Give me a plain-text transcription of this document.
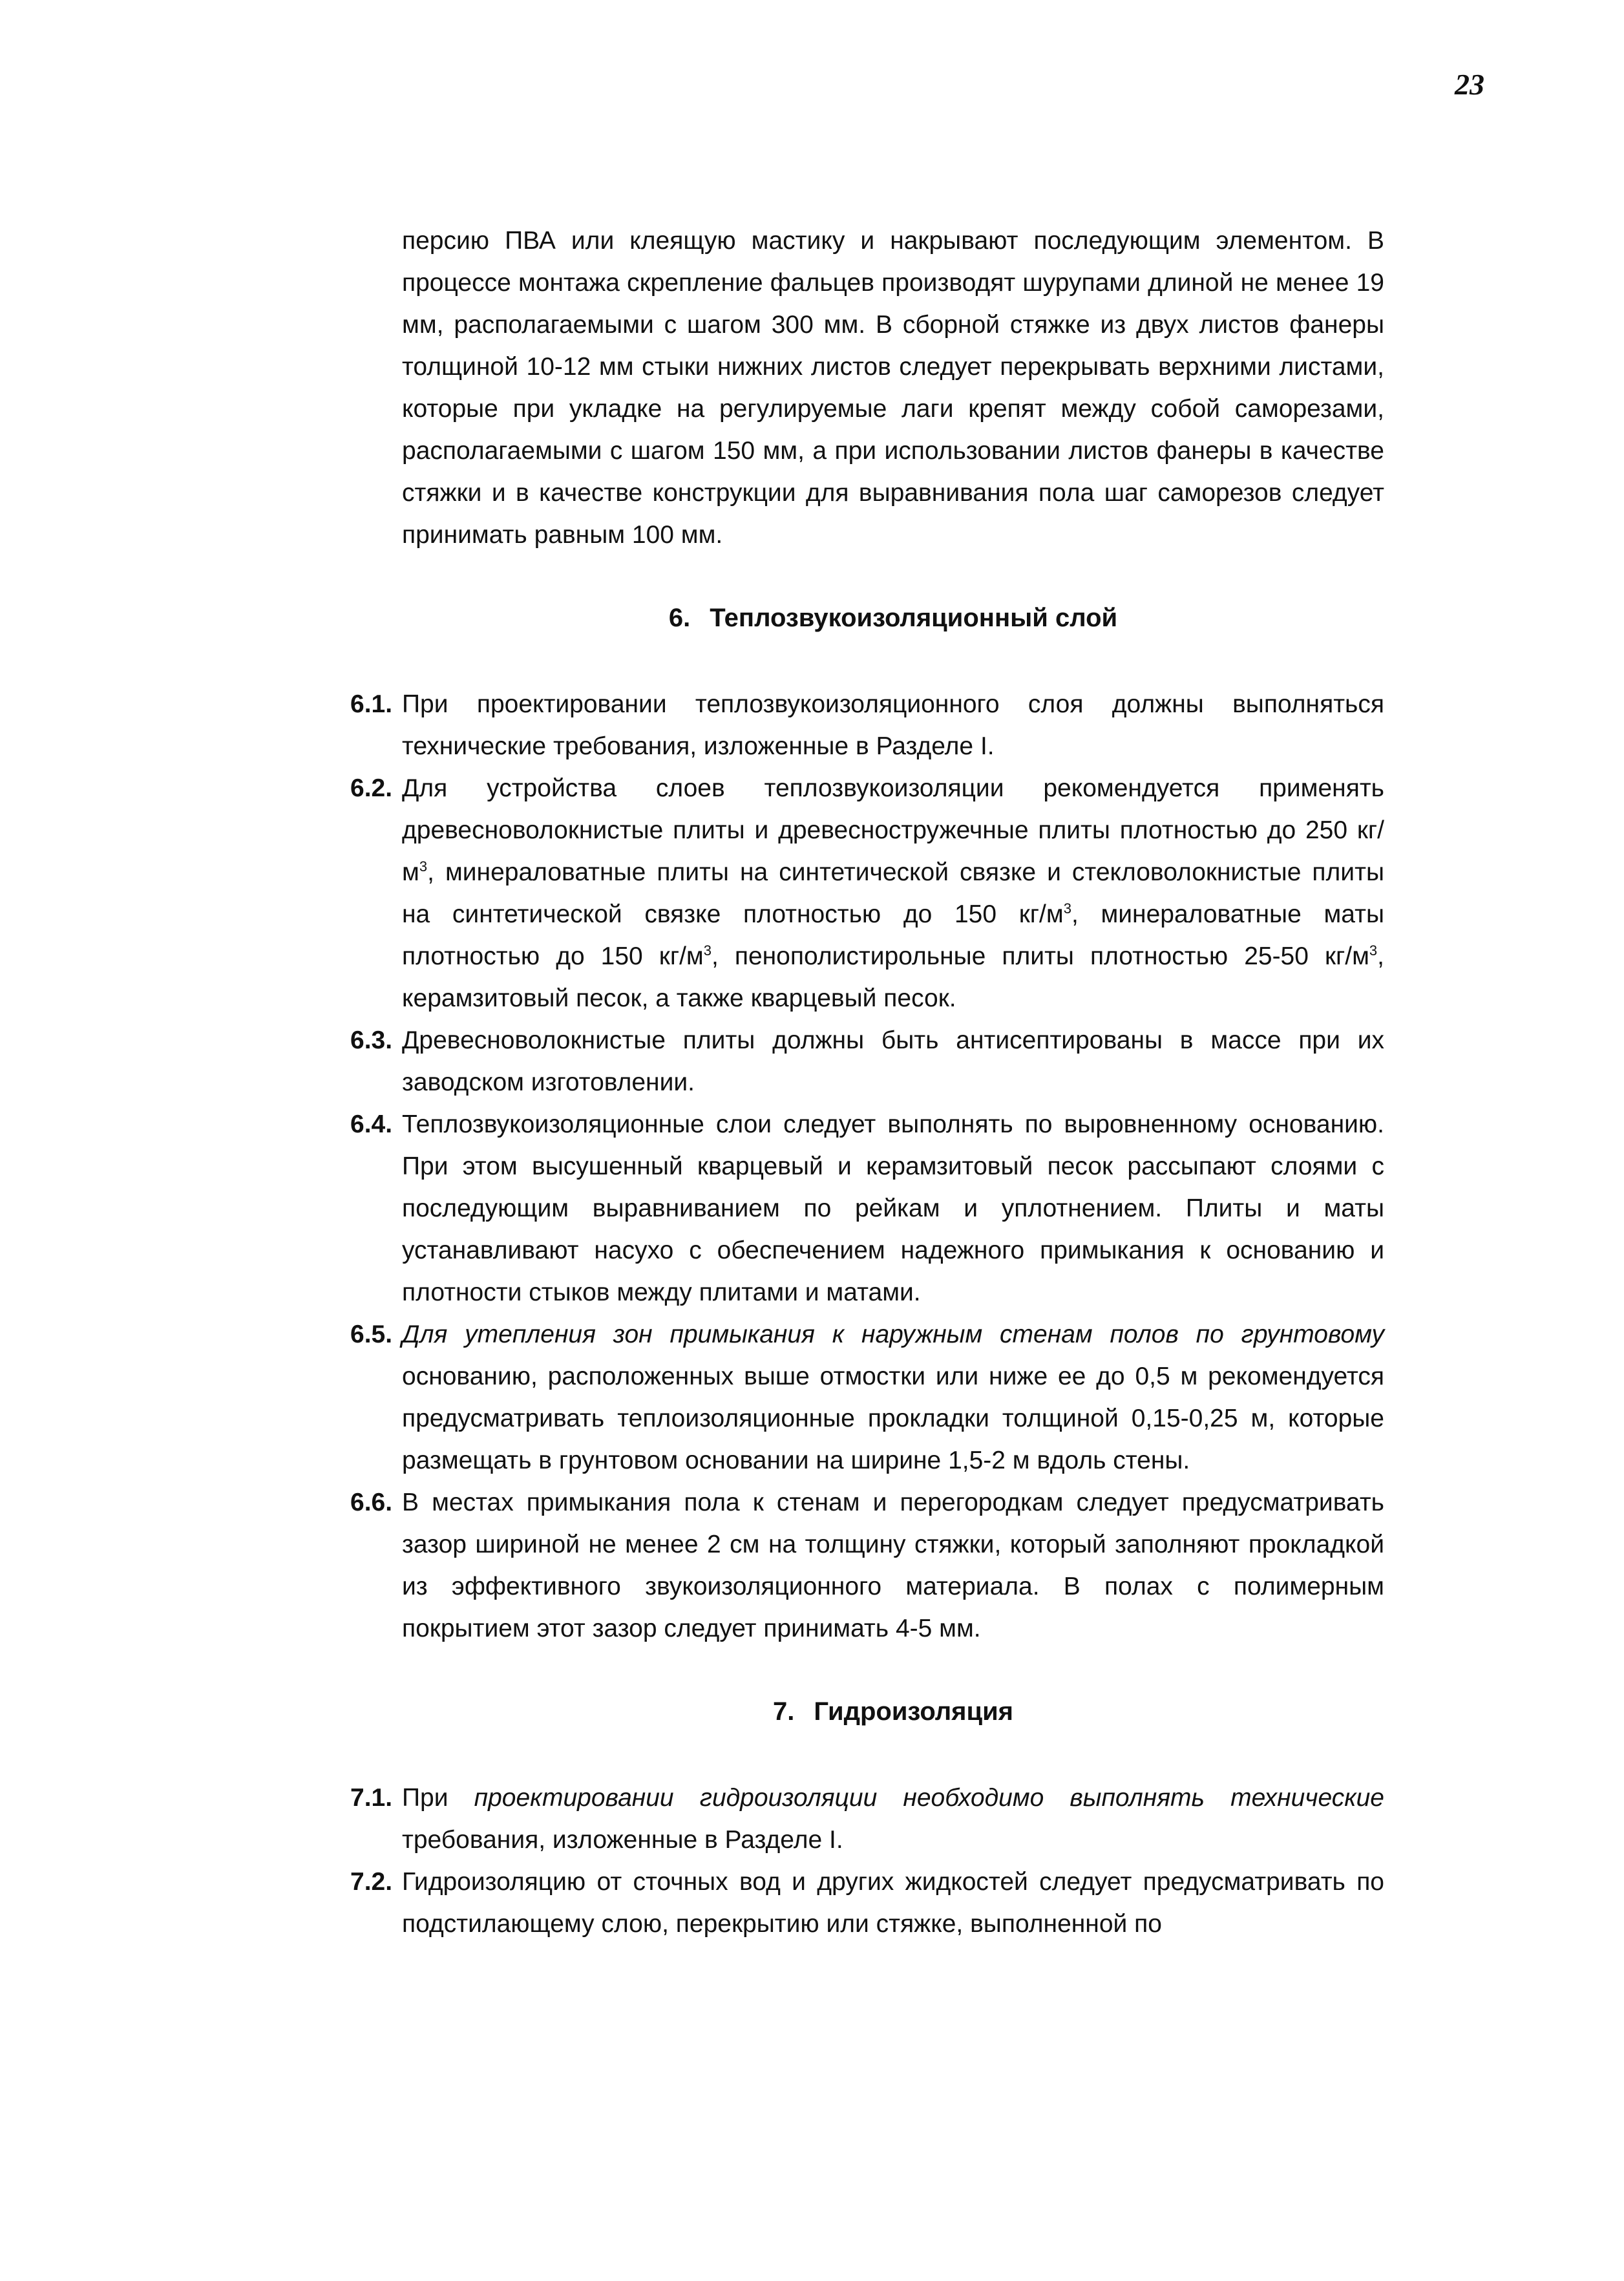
23

персию ПВА или клеящую мастику и накрывают последующим элементом. В процессе монтажа скрепление фальцев производят шурупами длиной не менее 19 мм, располагаемыми с шагом 300 мм. В сборной стяжке из двух листов фанеры толщиной 10-12 мм стыки нижних листов следует перекрывать верхними листами, которые при укладке на регулируемые лаги крепят между собой саморезами, располагаемыми с шагом 150 мм, а при использовании листов фанеры в качестве стяжки и в качестве конструкции для выравнивания пола шаг саморезов следует принимать равным 100 мм.

6. Теплозвукоизоляционный слой
6.1. При проектировании теплозвукоизоляционного слоя должны выполняться технические требования, изложенные в Разделе I.
6.2. Для устройства слоев теплозвукоизоляции рекомендуется применять древесноволокнистые плиты и древесностружечные плиты плотностью до 250 $кг/м^3$, минераловатные плиты на синтетической связке и стекловолокнистые плиты на синтетической связке плотностью до 150 $кг/м^3$, минераловатные маты плотностью до 150 $кг/м^3$, пенополистирольные плиты плотностью 25-50 $кг/м^3$, керамзитовый песок, а также кварцевый песок.
6.3. Древесноволокнистые плиты должны быть антисептированы в массе при их заводском изготовлении.
6.4. Теплозвукоизоляционные слои следует выполнять по выровненному основанию. При этом высушенный кварцевый и керамзитовый песок рассыпают слоями с последующим выравниванием по рейкам и уплотнением. Плиты и маты устанавливают насухо с обеспечением надежного примыкания к основанию и плотности стыков между плитами и матами.
6.5. Для утепления зон примыкания к наружным стенам полов по грунтовому основанию, расположенных выше отмостки или ниже ее до 0,5 м рекомендуется предусматривать теплоизоляционные прокладки толщиной 0,15-0,25 м, которые размещать в грунтовом основании на ширине 1,5-2 м вдоль стены.
6.6. В местах примыкания пола к стенам и перегородкам следует предусматривать зазор шириной не менее 2 см на толщину стяжки, который заполняют прокладкой из эффективного звукоизоляционного материала. В полах с полимерным покрытием этот зазор следует принимать 4-5 мм.
7. Гидроизоляция
7.1. При проектировании гидроизоляции необходимо выполнять технические требования, изложенные в Разделе I.
7.2. Гидроизоляцию от сточных вод и других жидкостей следует предусматривать по подстилающему слою, перекрытию или стяжке, выполненной по
